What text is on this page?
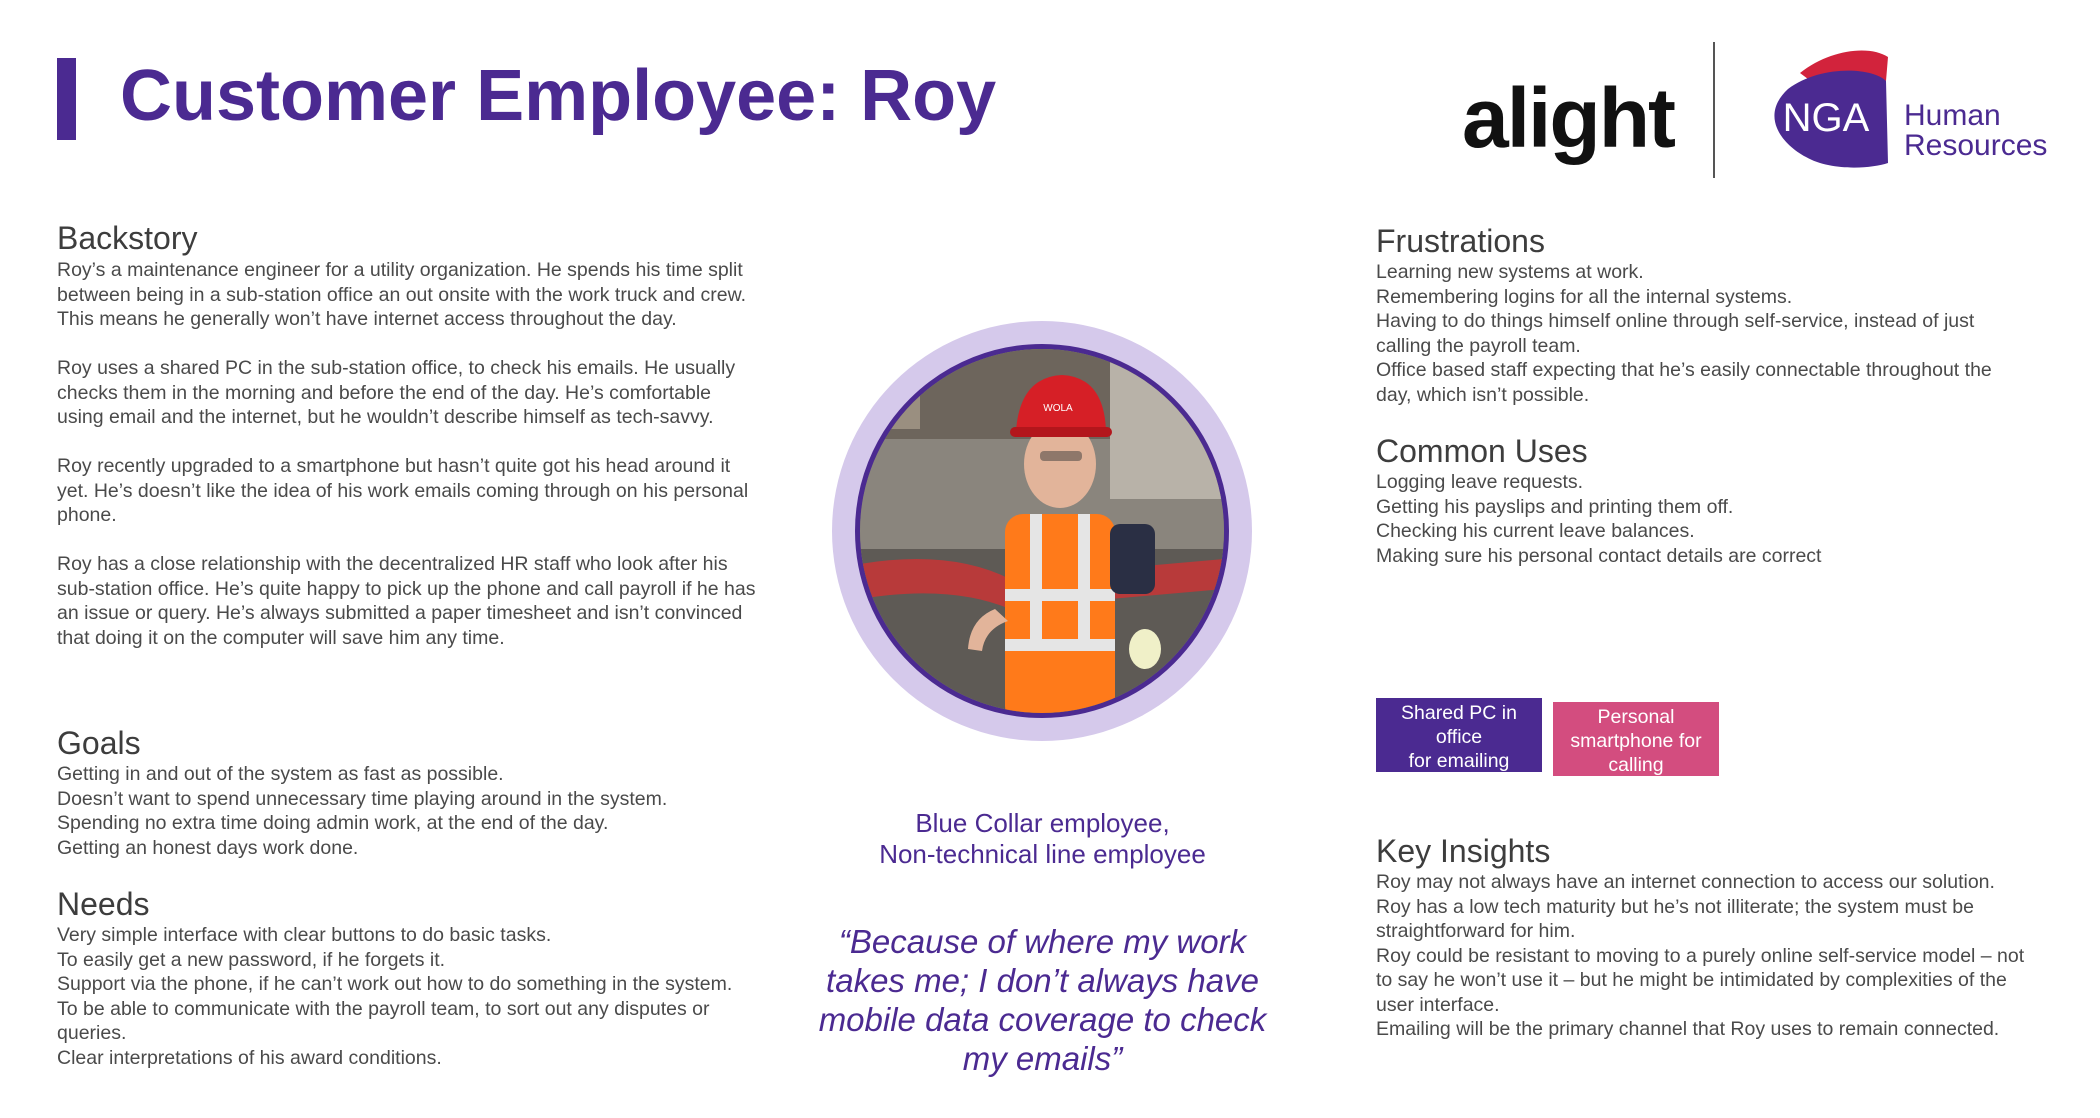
Customer Employee: Roy	alight	NGA Human
Resources
Backstory

Roy’s a maintenance engineer for a utility organization. He spends his time split between being in a sub-station office an out onsite with the work truck and crew. This means he generally won’t have internet access throughout the day.

Roy uses a shared PC in the sub-station office, to check his emails. He usually checks them in the morning and before the end of the day. He’s comfortable using email and the internet, but he wouldn’t describe himself as tech-savvy.

Roy recently upgraded to a smartphone but hasn’t quite got his head around it yet. He’s doesn’t like the idea of his work emails coming through on his personal phone.

Roy has a close relationship with the decentralized HR staff who look after his sub-station office. He’s quite happy to pick up the phone and call payroll if he has an issue or query. He’s always submitted a paper timesheet and isn’t convinced that doing it on the computer will save him any time.

Goals
Getting in and out of the system as fast as possible.
Doesn’t want to spend unnecessary time playing around in the system.
Spending no extra time doing admin work, at the end of the day.
Getting an honest days work done.
Needs
Very simple interface with clear buttons to do basic tasks.
To easily get a new password, if he forgets it.
Support via the phone, if he can’t work out how to do something in the system.
To be able to communicate with the payroll team, to sort out any disputes or queries.
Clear interpretations of his award conditions.
WOLA
Blue Collar employee,
Non-technical line employee
“Because of where my work takes me; I don’t always have mobile data coverage to check my emails”
Frustrations
Learning new systems at work.
Remembering logins for all the internal systems.
Having to do things himself online through self-service, instead of just calling the payroll team.
Office based staff expecting that he’s easily connectable throughout the day, which isn’t possible.
Common Uses
Logging leave requests.
Getting his payslips and printing them off.
Checking his current leave balances.
Making sure his personal contact details are correct
Shared PC in
office
for emailing
Personal
smartphone for
calling
Key Insights
Roy may not always have an internet connection to access our solution.
Roy has a low tech maturity but he’s not illiterate; the system must be straightforward for him.
Roy could be resistant to moving to a purely online self-service model – not to say he won’t use it – but he might be intimidated by complexities of the user interface.
Emailing will be the primary channel that Roy uses to remain connected.
